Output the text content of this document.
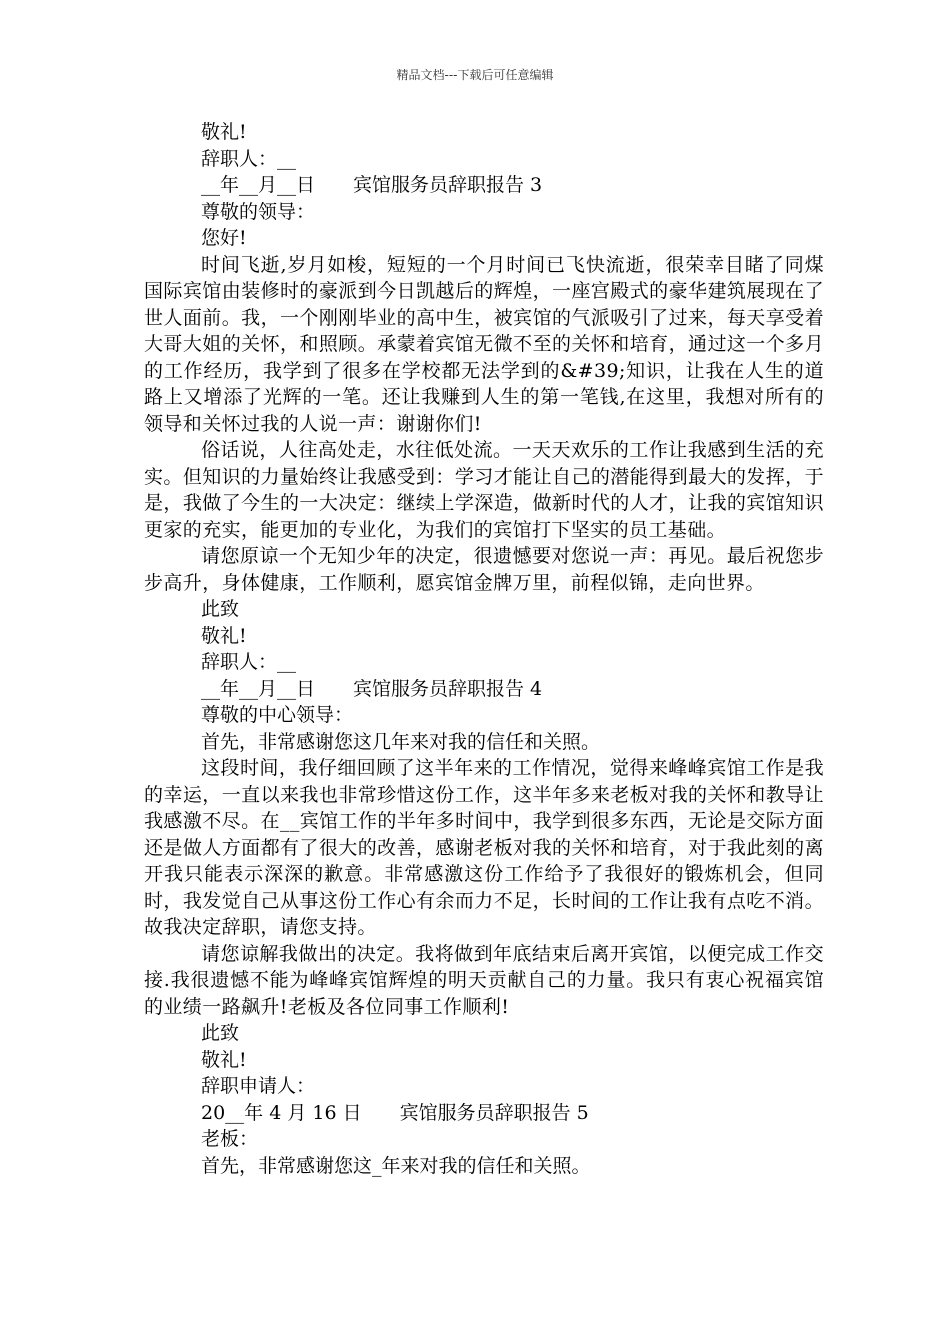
精品文档---下载后可任意编辑
敬礼!
辞职人：__
__年__月__日 宾馆服务员辞职报告 3
尊敬的领导：
您好!
时间飞逝,岁月如梭，短短的一个月时间已飞快流逝，很荣幸目睹了同煤国际宾馆由装修时的豪派到今日凯越后的辉煌，一座宫殿式的豪华建筑展现在了世人面前。我，一个刚刚毕业的高中生，被宾馆的气派吸引了过来，每天享受着大哥大姐的关怀，和照顾。承蒙着宾馆无微不至的关怀和培育，通过这一个多月的工作经历，我学到了很多在学校都无法学到的&#39;知识，让我在人生的道路上又增添了光辉的一笔。还让我赚到人生的第一笔钱,在这里，我想对所有的领导和关怀过我的人说一声：谢谢你们!
俗话说，人往高处走，水往低处流。一天天欢乐的工作让我感到生活的充实。但知识的力量始终让我感受到：学习才能让自己的潜能得到最大的发挥，于是，我做了今生的一大决定：继续上学深造，做新时代的人才，让我的宾馆知识更家的充实，能更加的专业化，为我们的宾馆打下坚实的员工基础。
请您原谅一个无知少年的决定，很遗憾要对您说一声：再见。最后祝您步步高升，身体健康，工作顺利，愿宾馆金牌万里，前程似锦，走向世界。
此致
敬礼!
辞职人：__
__年__月__日 宾馆服务员辞职报告 4
尊敬的中心领导：
首先，非常感谢您这几年来对我的信任和关照。
这段时间，我仔细回顾了这半年来的工作情况，觉得来峰峰宾馆工作是我的幸运，一直以来我也非常珍惜这份工作，这半年多来老板对我的关怀和教导让我感激不尽。在__宾馆工作的半年多时间中，我学到很多东西，无论是交际方面还是做人方面都有了很大的改善，感谢老板对我的关怀和培育，对于我此刻的离开我只能表示深深的歉意。非常感激这份工作给予了我很好的锻炼机会，但同时，我发觉自己从事这份工作心有余而力不足，长时间的工作让我有点吃不消。故我决定辞职，请您支持。
请您谅解我做出的决定。我将做到年底结束后离开宾馆，以便完成工作交接.我很遗憾不能为峰峰宾馆辉煌的明天贡献自己的力量。我只有衷心祝福宾馆的业绩一路飙升!老板及各位同事工作顺利!
此致
敬礼!
辞职申请人：
20__年 4 月 16 日 宾馆服务员辞职报告 5
老板：
首先，非常感谢您这_年来对我的信任和关照。
